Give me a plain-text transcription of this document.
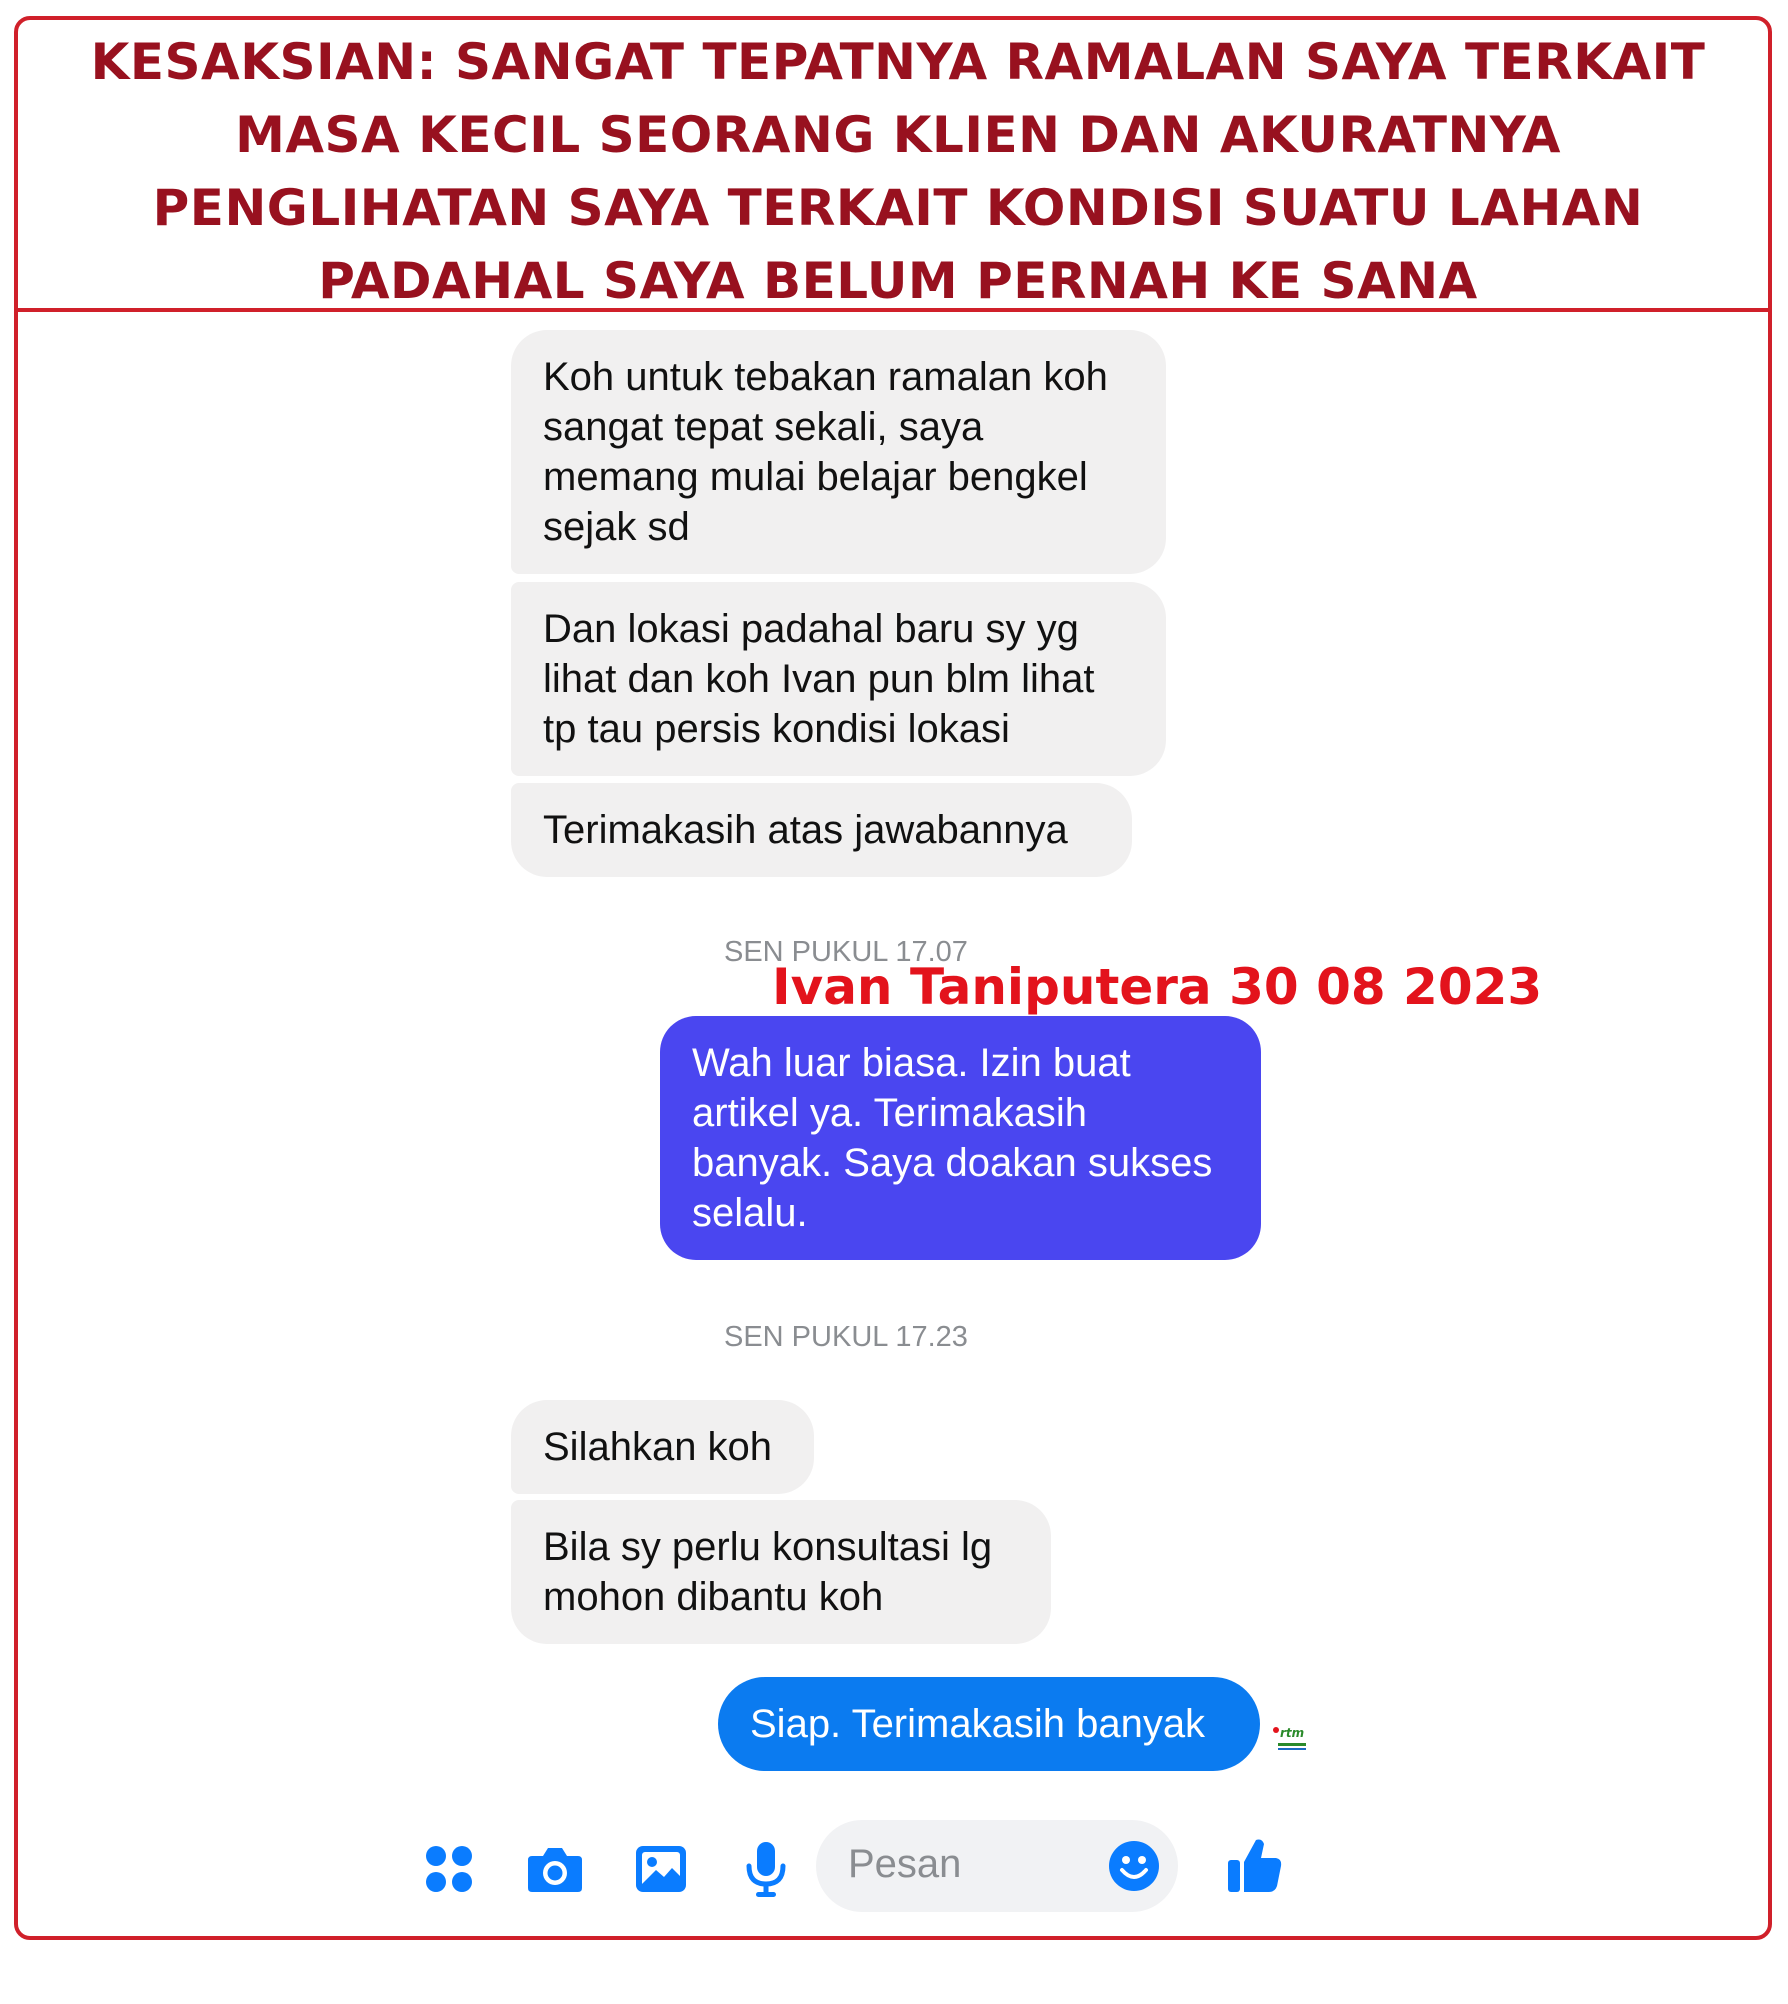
KESAKSIAN: SANGAT TEPATNYA RAMALAN SAYA TERKAIT MASA KECIL SEORANG KLIEN DAN AKURATNYA PENGLIHATAN SAYA TERKAIT KONDISI SUATU LAHAN PADAHAL SAYA BELUM PERNAH KE SANA
Koh untuk tebakan ramalan koh sangat tepat sekali, saya memang mulai belajar bengkel sejak sd
Dan lokasi padahal baru sy yg lihat dan koh Ivan pun blm lihat tp tau persis kondisi lokasi
Terimakasih atas jawabannya
SEN PUKUL 17.07
Ivan Taniputera 30 08 2023
Wah luar biasa. Izin buat artikel ya. Terimakasih banyak. Saya doakan sukses selalu.
SEN PUKUL 17.23
Silahkan koh
Bila sy perlu konsultasi lg mohon dibantu koh
Siap. Terimakasih banyak	rtm
Pesan
